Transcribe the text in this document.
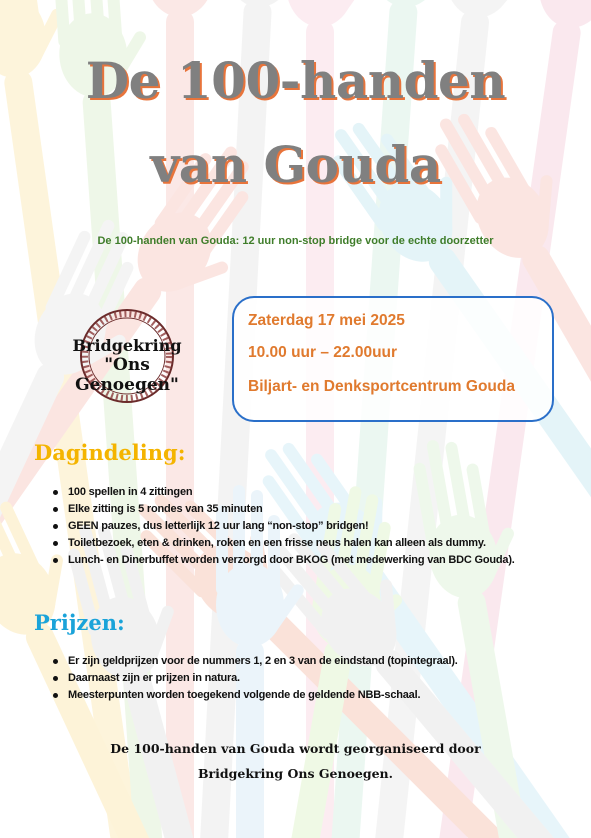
De 100-handen
van Gouda
De 100-handen van Gouda: 12 uur non-stop bridge voor de echte doorzetter
Bridgekring
"Ons Genoegen"
Zaterdag 17 mei 2025
10.00 uur – 22.00uur
Biljart- en Denksportcentrum Gouda
Dagindeling:
100 spellen in 4 zittingen
Elke zitting is 5 rondes van 35 minuten
GEEN pauzes, dus letterlijk 12 uur lang “non-stop” bridgen!
Toiletbezoek, eten & drinken, roken en een frisse neus halen kan alleen als dummy.
Lunch- en Dinerbuffet worden verzorgd door BKOG (met medewerking van BDC Gouda).
Prijzen:
Er zijn geldprijzen voor de nummers 1, 2 en 3 van de eindstand (topintegraal).
Daarnaast zijn er prijzen in natura.
Meesterpunten worden toegekend volgende de geldende NBB-schaal.
De 100-handen van Gouda wordt georganiseerd door
Bridgekring Ons Genoegen.
